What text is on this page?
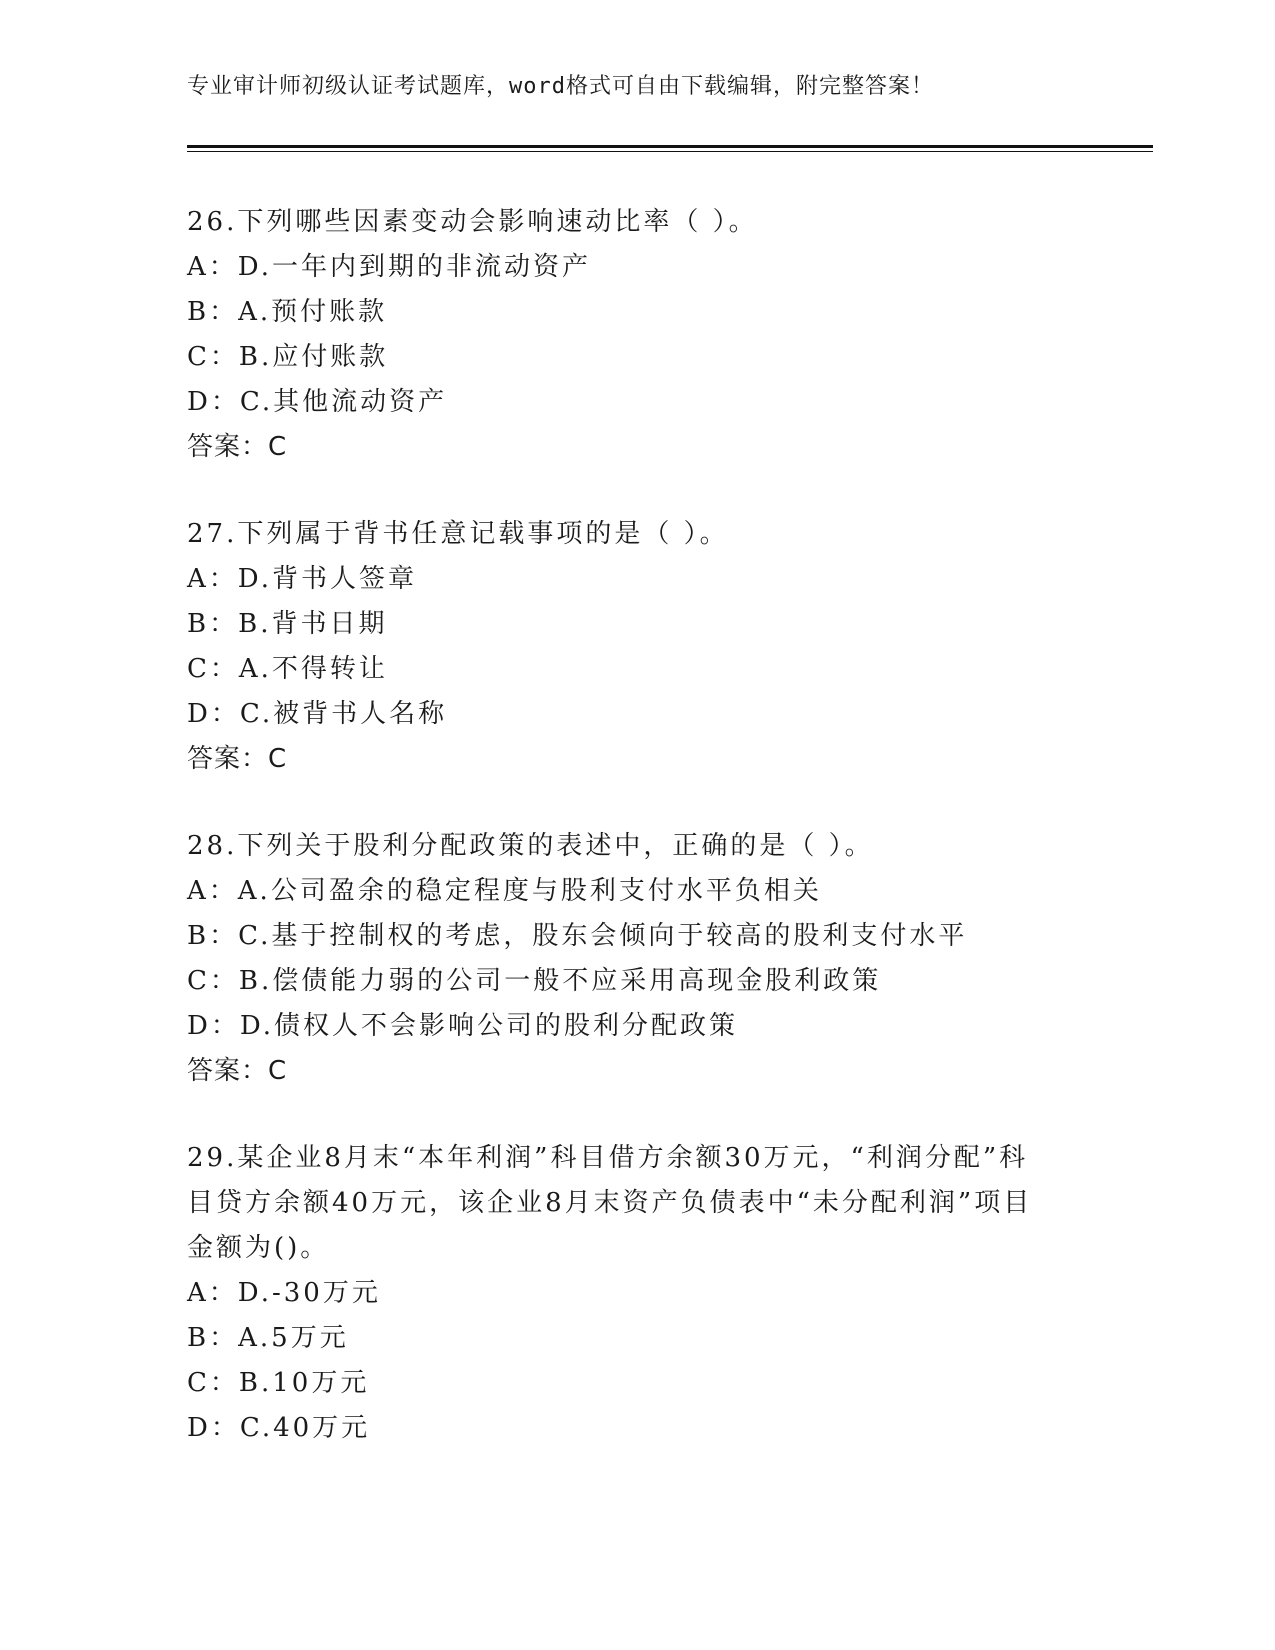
专业审计师初级认证考试题库，word格式可自由下载编辑，附完整答案！

26.下列哪些因素变动会影响速动比率（ ）。

A：D.一年内到期的非流动资产

B：A.预付账款

C：B.应付账款

D：C.其他流动资产

答案：C

27.下列属于背书任意记载事项的是（ ）。

A：D.背书人签章

B：B.背书日期

C：A.不得转让

D：C.被背书人名称

答案：C

28.下列关于股利分配政策的表述中，正确的是（ ）。

A：A.公司盈余的稳定程度与股利支付水平负相关

B：C.基于控制权的考虑，股东会倾向于较高的股利支付水平

C：B.偿债能力弱的公司一般不应采用高现金股利政策

D：D.债权人不会影响公司的股利分配政策

答案：C

29.某企业8月末“本年利润”科目借方余额30万元，“利润分配”科目贷方余额40万元，该企业8月末资产负债表中“未分配利润”项目金额为()。

A：D.-30万元

B：A.5万元

C：B.10万元

D：C.40万元
